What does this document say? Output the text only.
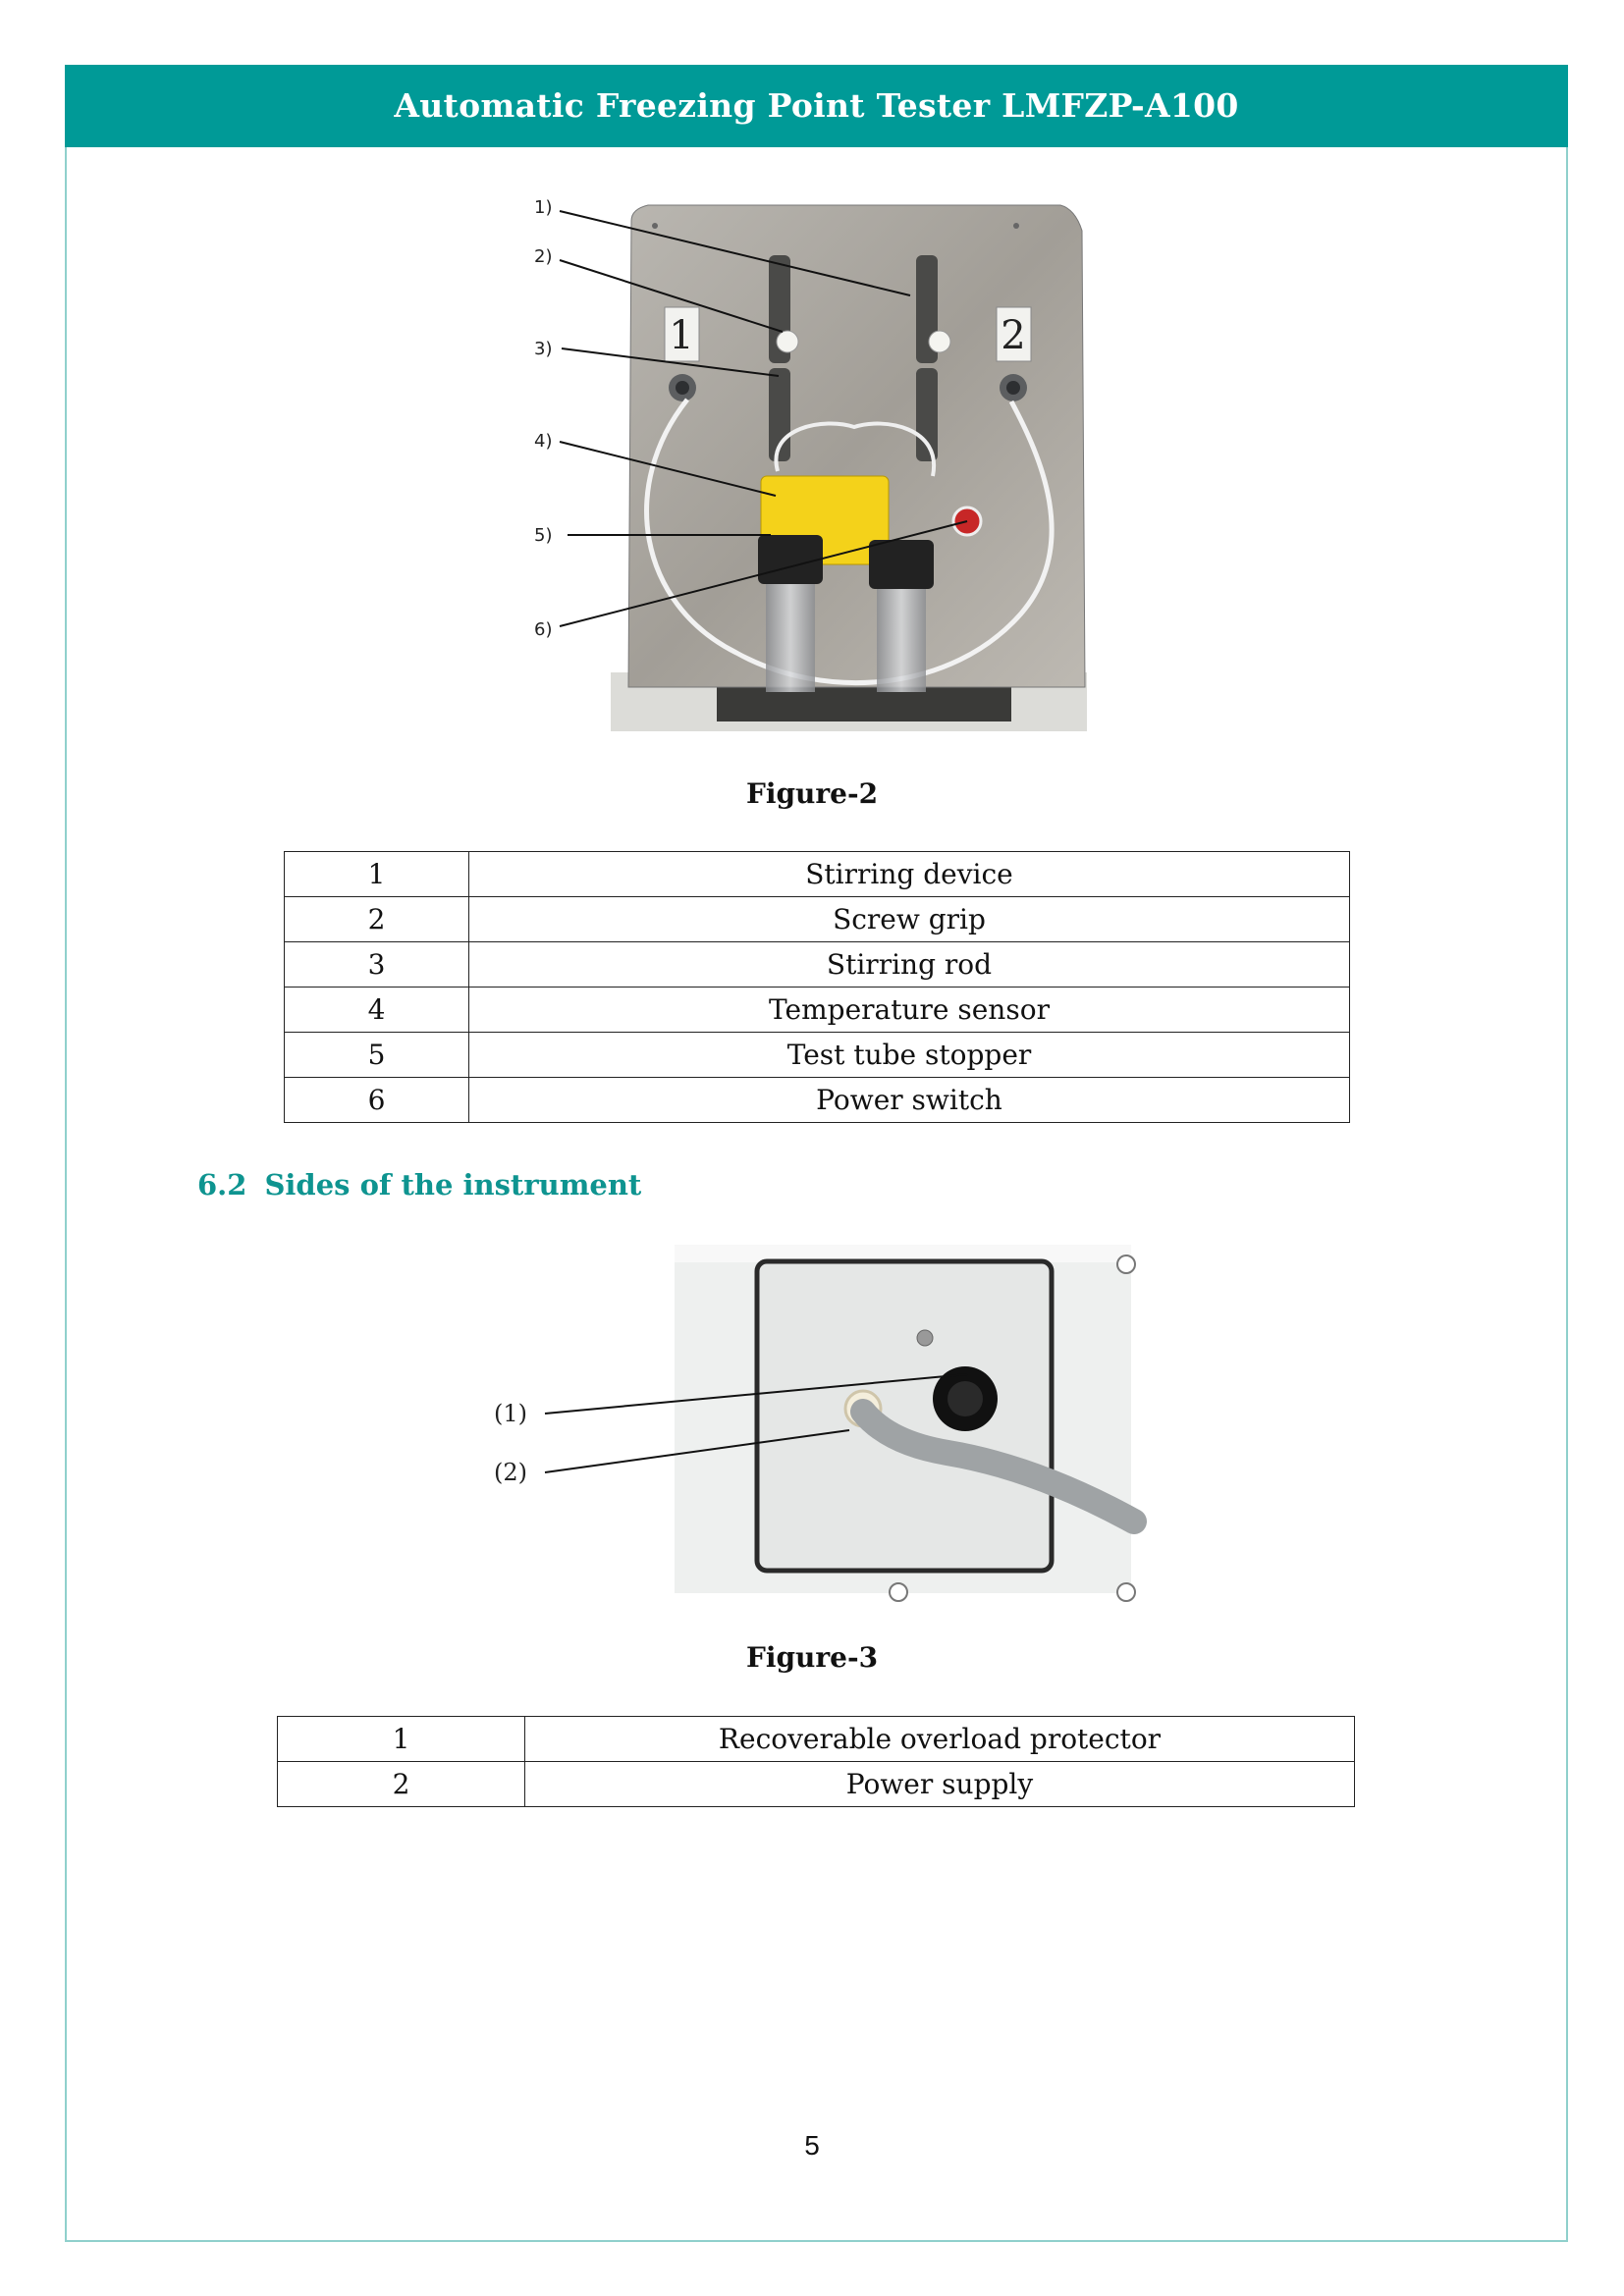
Automatic Freezing Point Tester LMFZP-A100
1	2
1)
2)
3)
4)
5)
6)
Figure-2
1	Stirring device
2	Screw grip
3	Stirring rod
4	Temperature sensor
5	Test tube stopper
6	Power switch
6.2 Sides of the instrument
(1)
(2)
Figure-3
1	Recoverable overload protector
2	Power supply
5
